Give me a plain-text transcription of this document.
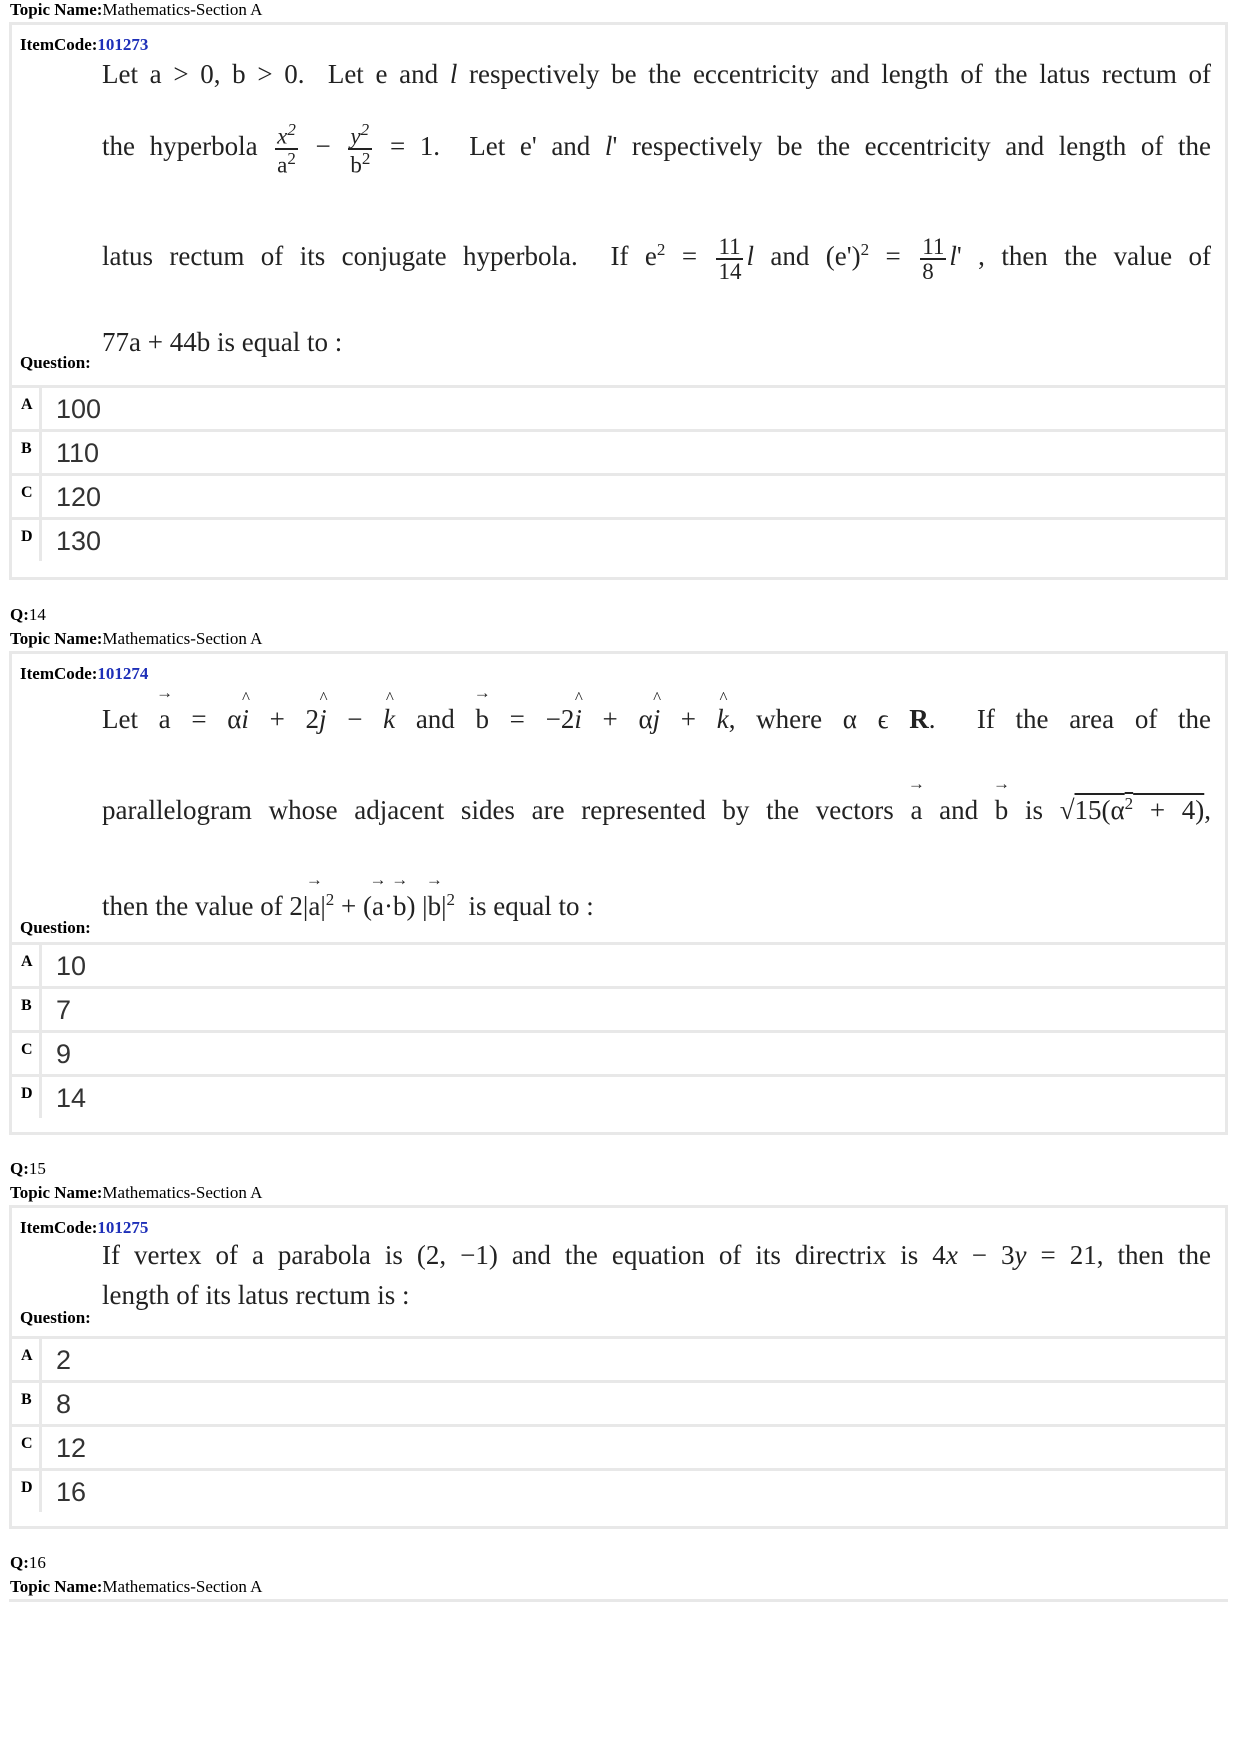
Topic Name:Mathematics-Section A
ItemCode:101273
Let a > 0, b > 0.  Let e and l respectively be the eccentricity and length of the latus rectum of
the hyperbola $\frac{x^2}{a^2} - \frac{y^2}{b^2} = 1$.  Let e' and l' respectively be the eccentricity and length of the
latus rectum of its conjugate hyperbola.  If $e^2 = \frac{11}{14}$ l and $(e')^2 = \frac{11}{8} l'$ , then the value of
77a + 44b is equal to :
Question:
A 100
B 110
C 120
D 130
Q:14
Topic Name:Mathematics-Section A
ItemCode:101274
Let → a = α^ i + 2^ j − ^ k and → b = −2^ i + α^ j + ^ k, where α ϵ R.  If the area of the
parallelogram whose adjacent sides are represented by the vectors → a and → b is $√15(\alpha^2 + 4)$,
then the value of $2|\to a|^2$ + (→ a·→ b) |→ $b|^2$  is equal to :
Question:
A 10
B 7
C 9
D 14
Q:15
Topic Name:Mathematics-Section A
ItemCode:101275
If vertex of a parabola is (2, −1) and the equation of its directrix is 4x − 3y = 21, then the
length of its latus rectum is :
Question:
A 2
B 8
C 12
D 16
Q:16
Topic Name:Mathematics-Section A
